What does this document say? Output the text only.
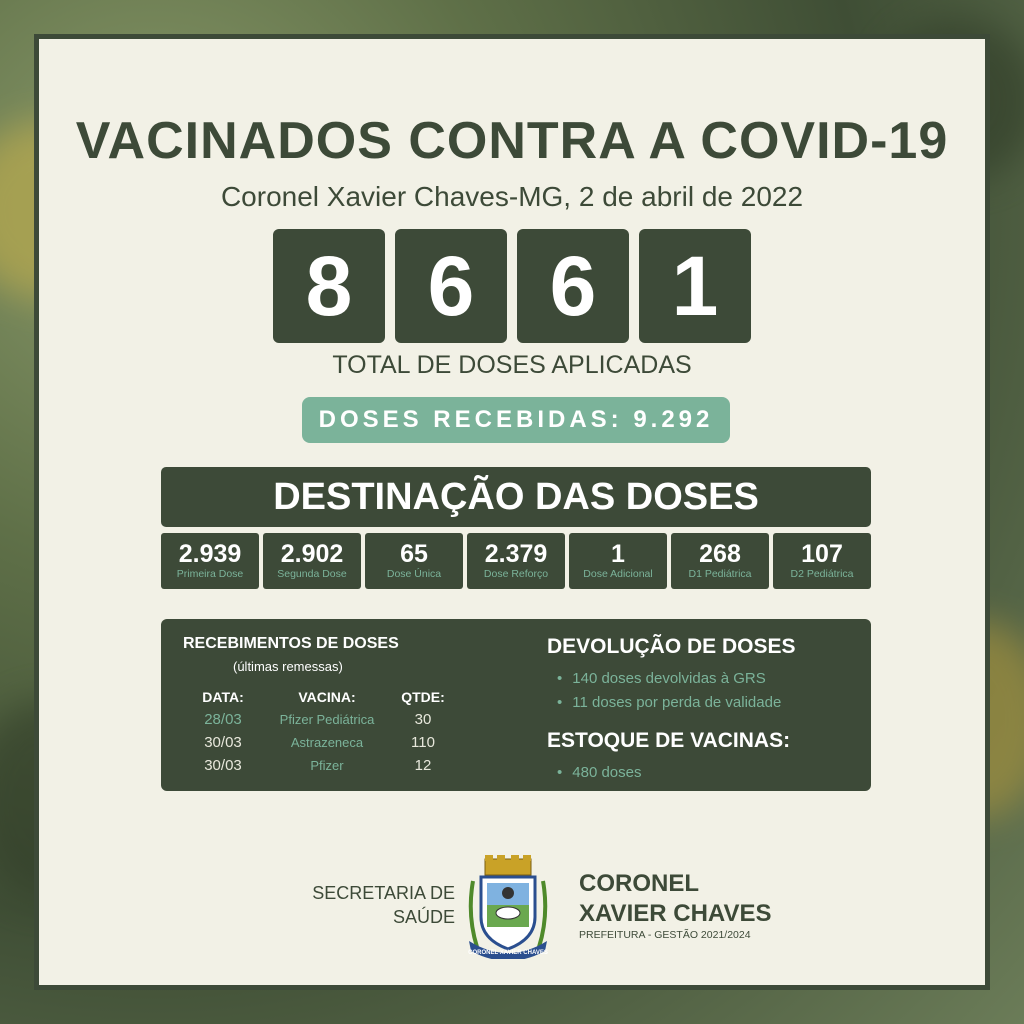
VACINADOS CONTRA A COVID-19
Coronel Xavier Chaves-MG, 2 de abril de 2022
8 6 6 1
TOTAL DE DOSES APLICADAS
DOSES RECEBIDAS: 9.292
DESTINAÇÃO DAS DOSES
2.939
Primeira Dose
2.902
Segunda Dose
65
Dose Única
2.379
Dose Reforço
1
Dose Adicional
268
D1 Pediátrica
107
D2 Pediátrica
RECEBIMENTOS DE DOSES
(últimas remessas)
DATA:	VACINA:	QTDE:
28/03	Pfizer Pediátrica	30
30/03	Astrazeneca	110
30/03	Pfizer	12
DEVOLUÇÃO DE DOSES
• 140 doses devolvidas à GRS
• 11 doses por perda de validade
ESTOQUE DE VACINAS:
• 480 doses
SECRETARIA DE
SAÚDE
CORONEL XAVIER CHAVES
CORONEL
XAVIER CHAVES
PREFEITURA - GESTÃO 2021/2024
